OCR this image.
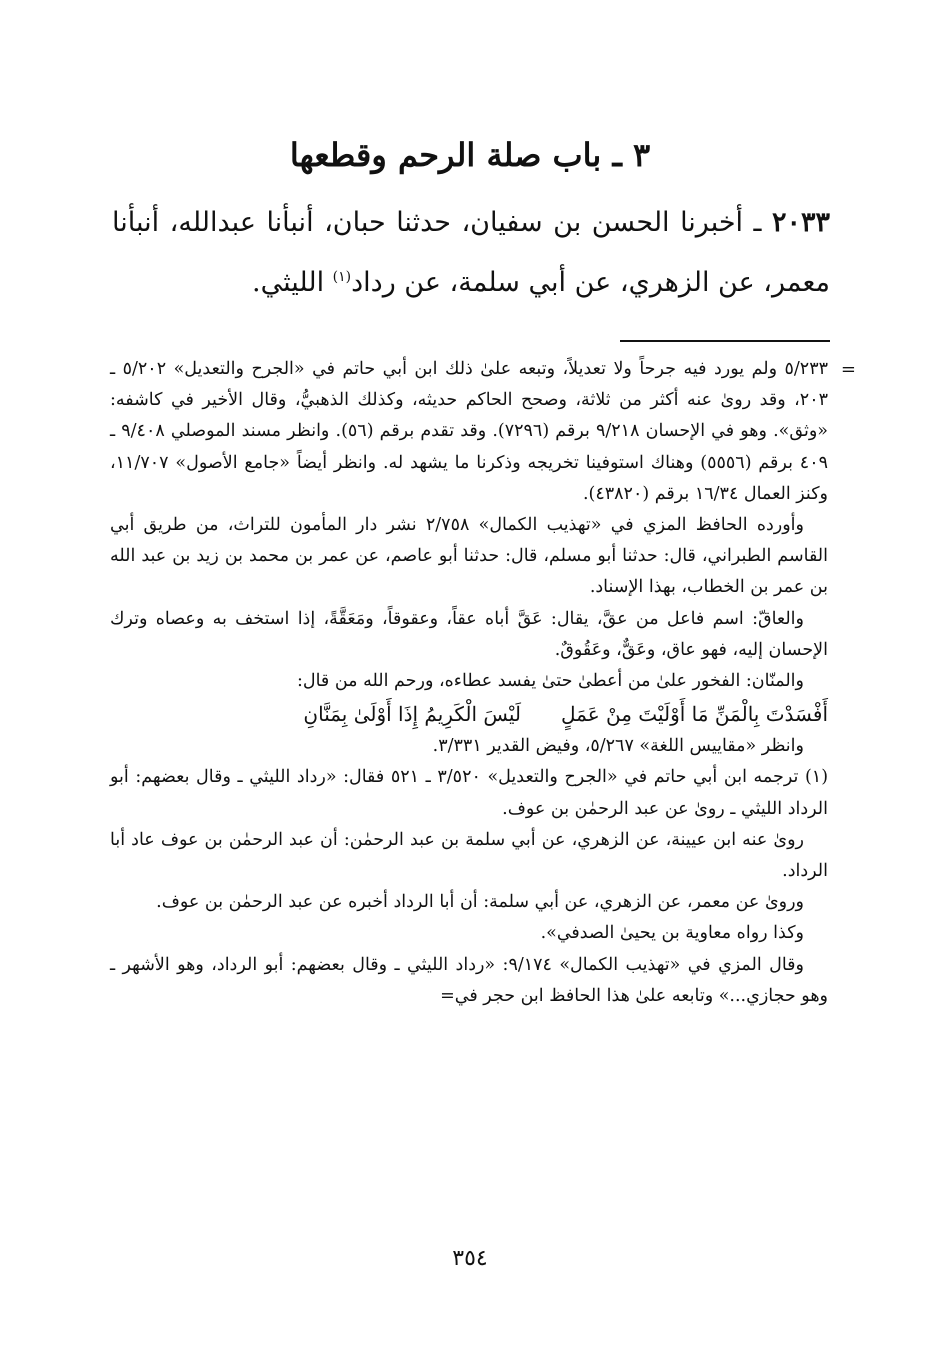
٣ ـ باب صلة الرحم وقطعها
٢٠٣٣ ـ أخبرنا الحسن بن سفيان، حدثنا حبان، أنبأنا عبدالله، أنبأنا معمر، عن الزهري، عن أبي سلمة، عن رداد$^{(١)}$ الليثي.
=

٥/٢٣٣ ولم يورد فيه جرحاً ولا تعديلاً، وتبعه علىٰ ذلك ابن أبي حاتم في «الجرح والتعديل» ٥/٢٠٢ ـ ٢٠٣، وقد روىٰ عنه أكثر من ثلاثة، وصحح الحاكم حديثه، وكذلك الذهبيُّ، وقال الأخير في كاشفه: «وثق». وهو في الإحسان ٩/٢١٨ برقم (٧٢٩٦). وقد تقدم برقم (٥٦). وانظر مسند الموصلي ٩/٤٠٨ ـ ٤٠٩ برقم (٥٥٥٦) وهناك استوفينا تخريجه وذكرنا ما يشهد له. وانظر أيضاً «جامع الأصول» ١١/٧٠٧، وكنز العمال ١٦/٣٤ برقم (٤٣٨٢٠).

وأورده الحافظ المزي في «تهذيب الكمال» ٢/٧٥٨ نشر دار المأمون للتراث، من طريق أبي القاسم الطبراني، قال: حدثنا أبو مسلم، قال: حدثنا أبو عاصم، عن عمر بن محمد بن زيد بن عبد الله بن عمر بن الخطاب، بهذا الإسناد.

والعاقّ: اسم فاعل من عقَّ، يقال: عَقَّ أباه عقاً، وعقوقاً، ومَعَقَّةً، إذا استخف به وعصاه وترك الإحسان إليه، فهو عاق، وعَقٌّ، وعَقُوقٌ.

والمنّان: الفخور علىٰ من أعطىٰ حتىٰ يفسد عطاءه، ورحم الله من قال:

أَفْسَدْتَ بِالْمَنِّ مَا أَوْلَيْتَ مِنْ عَمَلٍلَيْسَ الْكَرِيمُ إِذَا أَوْلَىٰ بِمَنَّانِ

وانظر «مقاييس اللغة» ٥/٢٦٧، وفيض القدير ٣/٣٣١.

(١) ترجمه ابن أبي حاتم في «الجرح والتعديل» ٣/٥٢٠ ـ ٥٢١ فقال: «رداد الليثي ـ وقال بعضهم: أبو الرداد الليثي ـ روىٰ عن عبد الرحمٰن بن عوف.

روىٰ عنه ابن عيينة، عن الزهري، عن أبي سلمة بن عبد الرحمٰن: أن عبد الرحمٰن بن عوف عاد أبا الرداد.

وروىٰ عن معمر، عن الزهري، عن أبي سلمة: أن أبا الرداد أخبره عن عبد الرحمٰن بن عوف.

وكذا رواه معاوية بن يحيىٰ الصدفي».

وقال المزي في «تهذيب الكمال» ٩/١٧٤: «رداد الليثي ـ وقال بعضهم: أبو الرداد، وهو الأشهر ـ وهو حجازي...» وتابعه علىٰ هذا الحافظ ابن حجر في=

٣٥٤
